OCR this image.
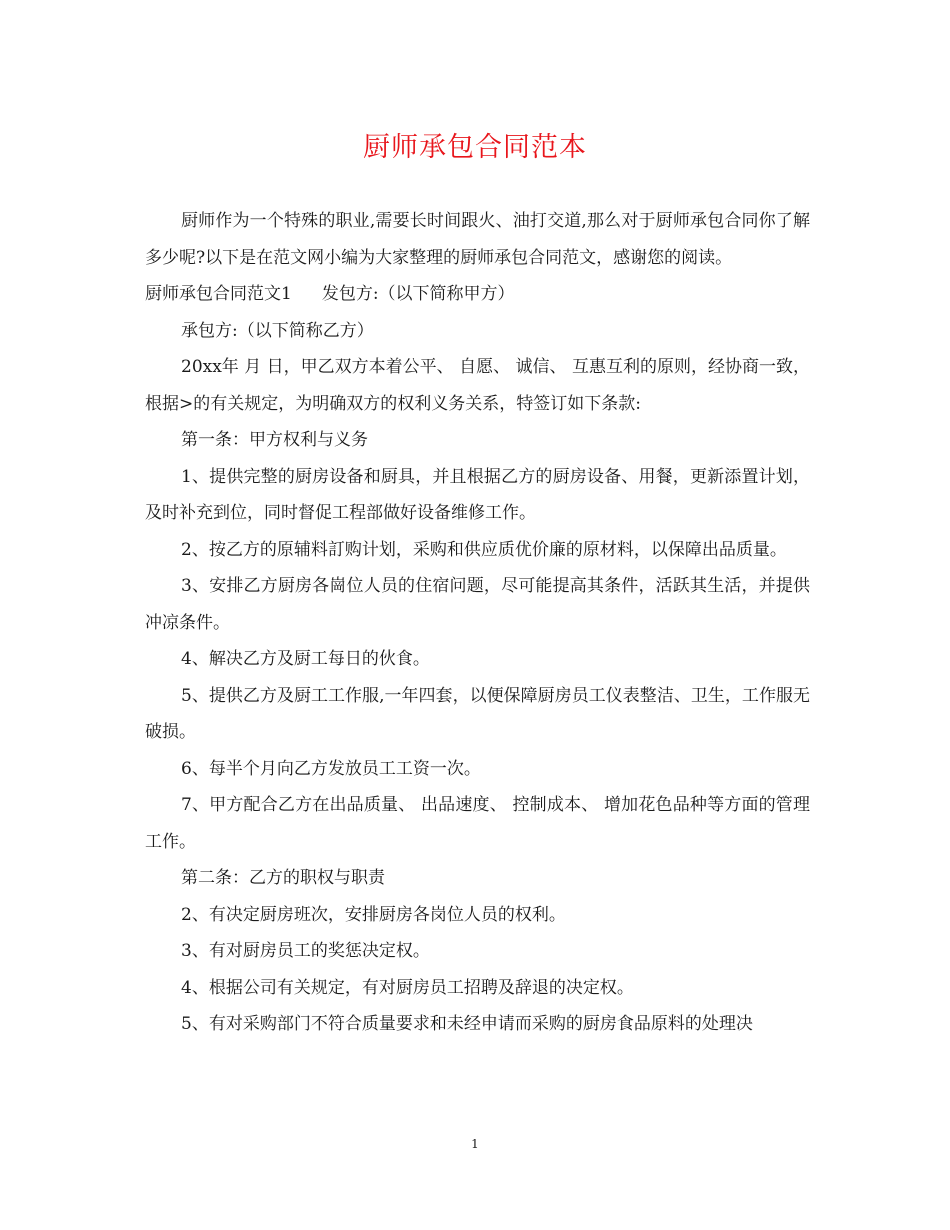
厨师承包合同范本

厨师作为一个特殊的职业,需要长时间跟火、油打交道,那么对于厨师承包合同你了解多少呢?以下是在范文网小编为大家整理的厨师承包合同范文，感谢您的阅读。

厨师承包合同范文1 发包方:（以下简称甲方）

承包方:（以下简称乙方）

20xx年 月 日，甲乙双方本着公平、 自愿、 诚信、 互惠互利的原则，经协商一致，根据>的有关规定，为明确双方的权利义务关系，特签订如下条款:

第一条：甲方权利与义务

1、提供完整的厨房设备和厨具，并且根据乙方的厨房设备、用餐，更新添置计划，及时补充到位，同时督促工程部做好设备维修工作。

2、按乙方的原辅料訂购计划，采购和供应质优价廉的原材料，以保障出品质量。

3、安排乙方厨房各崗位人员的住宿问题，尽可能提高其条件，活跃其生活，并提供冲凉条件。

4、解决乙方及厨工每日的伙食。

5、提供乙方及厨工工作服,一年四套，以便保障厨房员工仪表整洁、卫生，工作服无破损。

6、每半个月向乙方发放员工工资一次。

7、甲方配合乙方在出品质量、 出品速度、 控制成本、 增加花色品种等方面的管理工作。

第二条：乙方的职权与职责

2、有决定厨房班次，安排厨房各岗位人员的权利。

3、有对厨房员工的奖惩决定权。

4、根据公司有关规定，有对厨房员工招聘及辞退的决定权。

5、有对采购部门不符合质量要求和未经申请而采购的厨房食品原料的处理决

1
